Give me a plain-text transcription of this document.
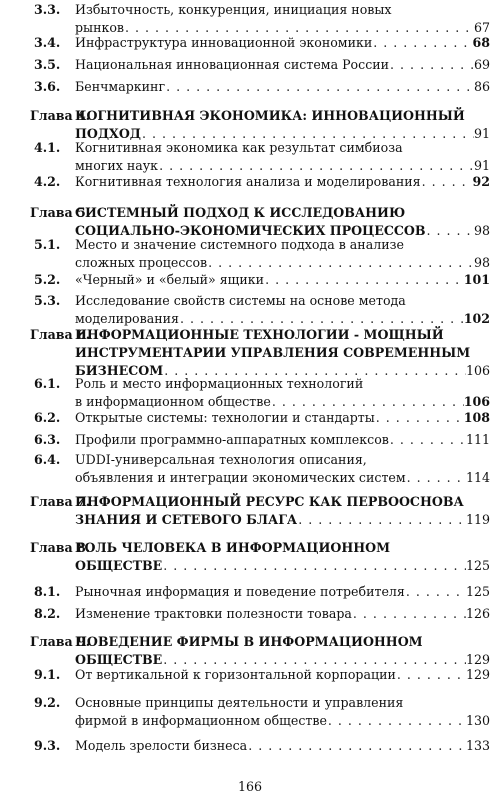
3.3. Избыточность, конкуренция, инициация новых
рынков . . .	67
3.4. Инфраструктура инновационной экономики . . .	68
3.5. Национальная инновационная система России . . .	69
3.6. Бенчмаркинг . . .	86
Глава 4.
КОГНИТИВНАЯ ЭКОНОМИКА: ИННОВАЦИОННЫЙ
ПОДХОД . . .	91
4.1. Когнитивная экономика как результат симбиоза
многих наук . . .	91
4.2. Когнитивная технология анализа и моделирования . . .	92
Глава 5.
СИСТЕМНЫЙ ПОДХОД К ИССЛЕДОВАНИЮ
СОЦИАЛЬНО-ЭКОНОМИЧЕСКИХ ПРОЦЕССОВ . . .	98
5.1. Место и значение системного подхода в анализе
сложных процессов . . .	98
5.2. «Черный» и «белый» ящики . . .	101
5.3. Исследование свойств системы на основе метода
моделирования . . .	102
Глава 6.
ИНФОРМАЦИОННЫЕ ТЕХНОЛОГИИ - МОЩНЫЙ
ИНСТРУМЕНТАРИИ УПРАВЛЕНИЯ СОВРЕМЕННЫМ
БИЗНЕСОМ . . .	106
6.1. Роль и место информационных технологий
в информационном обществе . . .	106
6.2. Открытые системы: технологии и стандарты . . .	108
6.3. Профили программно-аппаратных комплексов . . .	111
6.4. UDDI-универсальная технология описания,
объявления и интеграции экономических систем . . .	114
Глава 7.
ИНФОРМАЦИОННЫЙ РЕСУРС КАК ПЕРВООСНОВА
ЗНАНИЯ И СЕТЕВОГО БЛАГА . . .	119
Глава 8.
РОЛЬ ЧЕЛОВЕКА В ИНФОРМАЦИОННОМ
ОБЩЕСТВЕ . . .	125
8.1. Рыночная информация и поведение потребителя . . .	125
8.2. Изменение трактовки полезности товара . . .	126
Глава 9.
ПОВЕДЕНИЕ ФИРМЫ В ИНФОРМАЦИОННОМ
ОБЩЕСТВЕ . . .	129
9.1. От вертикальной к горизонтальной корпорации . . .	129
9.2. Основные принципы деятельности и управления
фирмой в информационном обществе . . .	130
9.3. Модель зрелости бизнеса . . .	133
166
